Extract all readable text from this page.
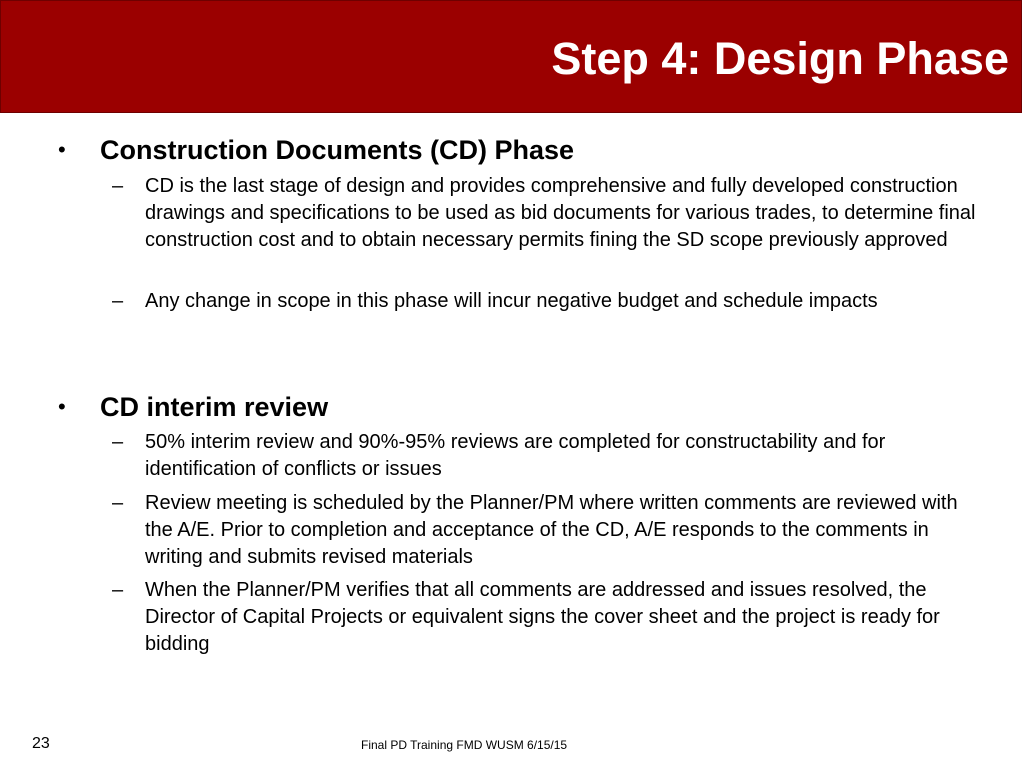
Step 4: Design Phase
• Construction Documents (CD) Phase
– CD is the last stage of design and provides comprehensive and fully developed construction drawings and specifications to be used as bid documents for various trades, to determine final construction cost and to obtain necessary permits fining the SD scope previously approved
– Any change in scope in this phase will incur negative budget and schedule impacts
• CD interim review
– 50% interim review and 90%-95% reviews are completed for constructability and for identification of conflicts or issues
– Review meeting is scheduled by the Planner/PM where written comments are reviewed with the A/E. Prior to completion and acceptance of the CD, A/E responds to the comments in writing and submits revised materials
– When the Planner/PM verifies that all comments are addressed and issues resolved, the Director of Capital Projects or equivalent signs the cover sheet and the project is ready for bidding
23	Final PD Training FMD WUSM 6/15/15
